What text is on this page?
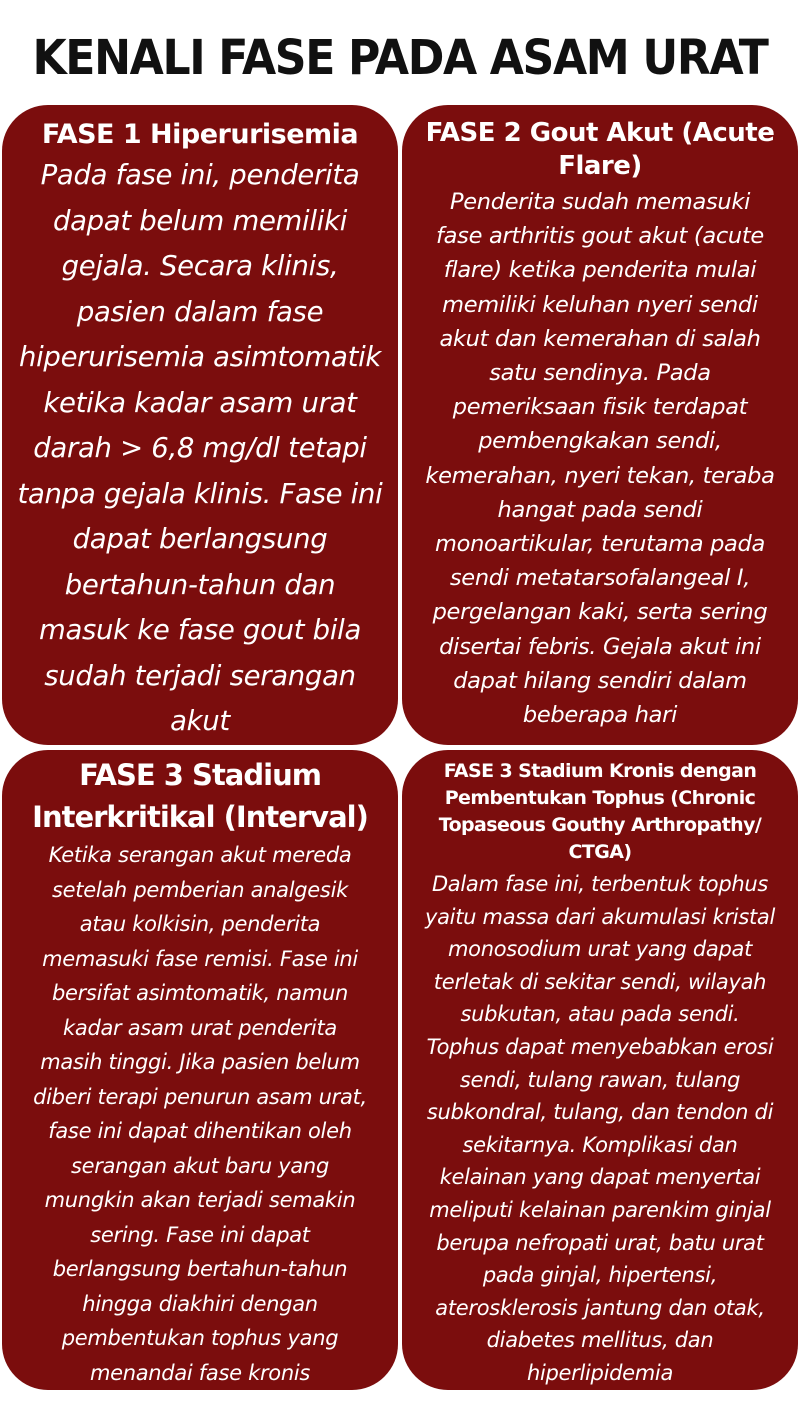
KENALI FASE PADA ASAM URAT
FASE 1 Hiperurisemia
Pada fase ini, penderita
dapat belum memiliki
gejala. Secara klinis,
pasien dalam fase
hiperurisemia asimtomatik
ketika kadar asam urat
darah > 6,8 mg/dl tetapi
tanpa gejala klinis. Fase ini
dapat berlangsung
bertahun-tahun dan
masuk ke fase gout bila
sudah terjadi serangan
akut
FASE 2 Gout Akut (Acute Flare)
Penderita sudah memasuki
fase arthritis gout akut (acute
flare) ketika penderita mulai
memiliki keluhan nyeri sendi
akut dan kemerahan di salah
satu sendinya. Pada
pemeriksaan fisik terdapat
pembengkakan sendi,
kemerahan, nyeri tekan, teraba
hangat pada sendi
monoartikular, terutama pada
sendi metatarsofalangeal I,
pergelangan kaki, serta sering
disertai febris. Gejala akut ini
dapat hilang sendiri dalam
beberapa hari
FASE 3 Stadium Interkritikal (Interval)
Ketika serangan akut mereda
setelah pemberian analgesik
atau kolkisin, penderita
memasuki fase remisi. Fase ini
bersifat asimtomatik, namun
kadar asam urat penderita
masih tinggi. Jika pasien belum
diberi terapi penurun asam urat,
fase ini dapat dihentikan oleh
serangan akut baru yang
mungkin akan terjadi semakin
sering. Fase ini dapat
berlangsung bertahun-tahun
hingga diakhiri dengan
pembentukan tophus yang
menandai fase kronis
FASE 3 Stadium Kronis dengan Pembentukan Tophus (Chronic Topaseous Gouthy Arthropathy/ CTGA)
Dalam fase ini, terbentuk tophus
yaitu massa dari akumulasi kristal
monosodium urat yang dapat
terletak di sekitar sendi, wilayah
subkutan, atau pada sendi.
Tophus dapat menyebabkan erosi
sendi, tulang rawan, tulang
subkondral, tulang, dan tendon di
sekitarnya. Komplikasi dan
kelainan yang dapat menyertai
meliputi kelainan parenkim ginjal
berupa nefropati urat, batu urat
pada ginjal, hipertensi,
aterosklerosis jantung dan otak,
diabetes mellitus, dan
hiperlipidemia
